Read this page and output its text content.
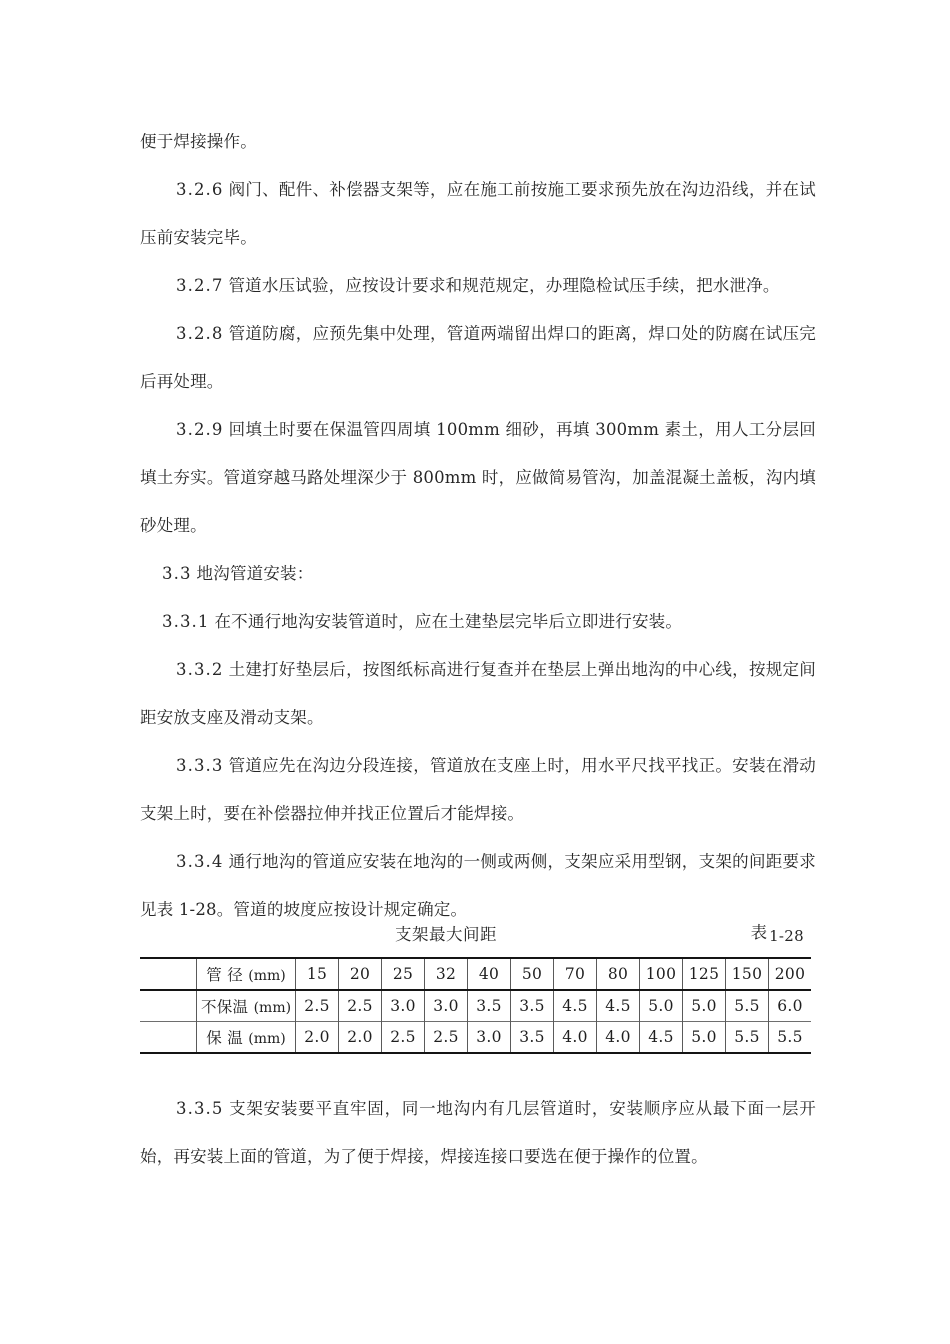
便于焊接操作。

3.2.6 阀门、配件、补偿器支架等，应在施工前按施工要求预先放在沟边沿线，并在试压前安装完毕。

3.2.7 管道水压试验，应按设计要求和规范规定，办理隐检试压手续，把水泄净。

3.2.8 管道防腐，应预先集中处理，管道两端留出焊口的距离，焊口处的防腐在试压完后再处理。

3.2.9 回填土时要在保温管四周填 100mm 细砂，再填 300mm 素土，用人工分层回填土夯实。管道穿越马路处埋深少于 800mm 时，应做简易管沟，加盖混凝土盖板，沟内填砂处理。

3.3 地沟管道安装：

3.3.1 在不通行地沟安装管道时，应在土建垫层完毕后立即进行安装。

3.3.2 土建打好垫层后，按图纸标高进行复查并在垫层上弹出地沟的中心线，按规定间距安放支座及滑动支架。

3.3.3 管道应先在沟边分段连接，管道放在支座上时，用水平尺找平找正。安装在滑动支架上时，要在补偿器拉伸并找正位置后才能焊接。

3.3.4 通行地沟的管道应安装在地沟的一侧或两侧，支架应采用型钢，支架的间距要求见表 1-28。管道的坡度应按设计规定确定。

支架最大间距	表 1-28
	管 径 (mm)	15	20	25	32	40	50	70	80	100	125	150	200
	不保温 (mm)	2.5	2.5	3.0	3.0	3.5	3.5	4.5	4.5	5.0	5.0	5.5	6.0
	保 温 (mm)	2.0	2.0	2.5	2.5	3.0	3.5	4.0	4.0	4.5	5.0	5.5	5.5

3.3.5 支架安装要平直牢固，同一地沟内有几层管道时，安装顺序应从最下面一层开始，再安装上面的管道，为了便于焊接，焊接连接口要选在便于操作的位置。
